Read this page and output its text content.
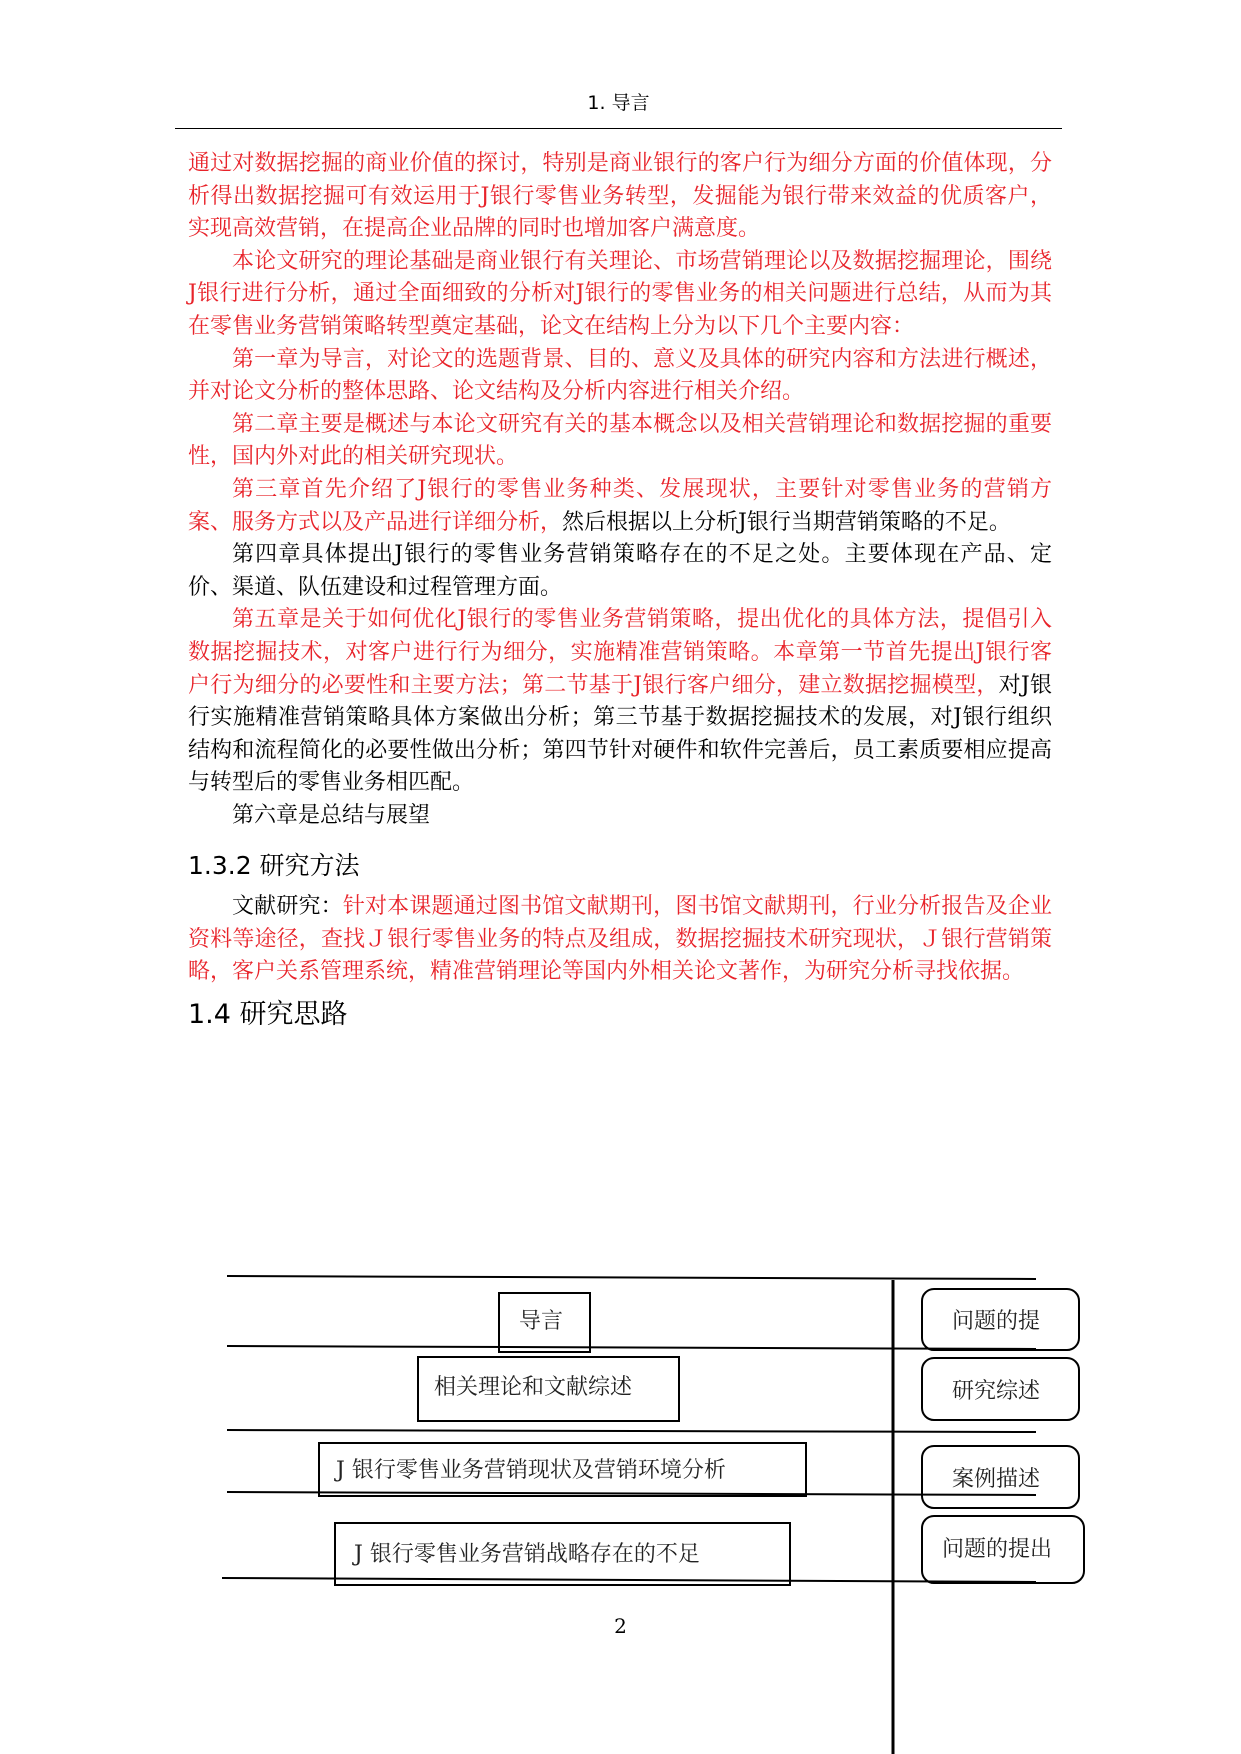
1. 导言

通过对数据挖掘的商业价值的探讨，特别是商业银行的客户行为细分方面的价值体现，分析得出数据挖掘可有效运用于J银行零售业务转型，发掘能为银行带来效益的优质客户，实现高效营销，在提高企业品牌的同时也增加客户满意度。

本论文研究的理论基础是商业银行有关理论、市场营销理论以及数据挖掘理论，围绕J银行进行分析，通过全面细致的分析对J银行的零售业务的相关问题进行总结，从而为其在零售业务营销策略转型奠定基础，论文在结构上分为以下几个主要内容：

第一章为导言，对论文的选题背景、目的、意义及具体的研究内容和方法进行概述，并对论文分析的整体思路、论文结构及分析内容进行相关介绍。

第二章主要是概述与本论文研究有关的基本概念以及相关营销理论和数据挖掘的重要性，国内外对此的相关研究现状。

第三章首先介绍了J银行的零售业务种类、发展现状，主要针对零售业务的营销方案、服务方式以及产品进行详细分析，然后根据以上分析J银行当期营销策略的不足。

第四章具体提出J银行的零售业务营销策略存在的不足之处。主要体现在产品、定价、渠道、队伍建设和过程管理方面。

第五章是关于如何优化J银行的零售业务营销策略，提出优化的具体方法，提倡引入数据挖掘技术，对客户进行行为细分，实施精准营销策略。本章第一节首先提出J银行客户行为细分的必要性和主要方法；第二节基于J银行客户细分，建立数据挖掘模型，对J银行实施精准营销策略具体方案做出分析；第三节基于数据挖掘技术的发展，对J银行组织结构和流程简化的必要性做出分析；第四节针对硬件和软件完善后，员工素质要相应提高与转型后的零售业务相匹配。

第六章是总结与展望

1.3.2 研究方法

文献研究：针对本课题通过图书馆文献期刊，图书馆文献期刊，行业分析报告及企业资料等途径，查找Ｊ银行零售业务的特点及组成，数据挖掘技术研究现状，Ｊ银行营销策略，客户关系管理系统，精准营销理论等国内外相关论文著作，为研究分析寻找依据。

1.4 研究思路
导言
相关理论和文献综述
J 银行零售业务营销现状及营销环境分析
J 银行零售业务营销战略存在的不足
问题的提
研究综述
案例描述
问题的提出
2
